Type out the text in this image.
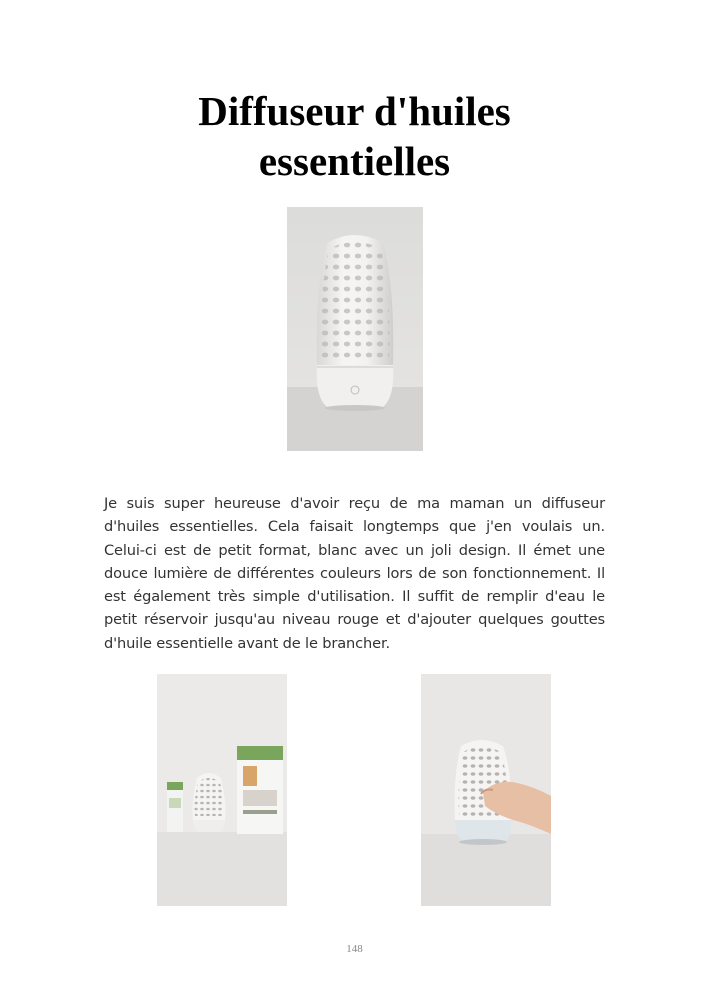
Diffuseur d'huiles
essentielles

Je suis super heureuse d'avoir reçu de ma maman un diffuseur d'huiles essentielles. Cela faisait longtemps que j'en voulais un. Celui-ci est de petit format, blanc avec un joli design. Il émet une douce lumière de différentes couleurs lors de son fonctionnement. Il est également très simple d'utilisation. Il suffit de remplir d'eau le petit réservoir jusqu'au niveau rouge et d'ajouter quelques gouttes d'huile essentielle avant de le brancher.

148
